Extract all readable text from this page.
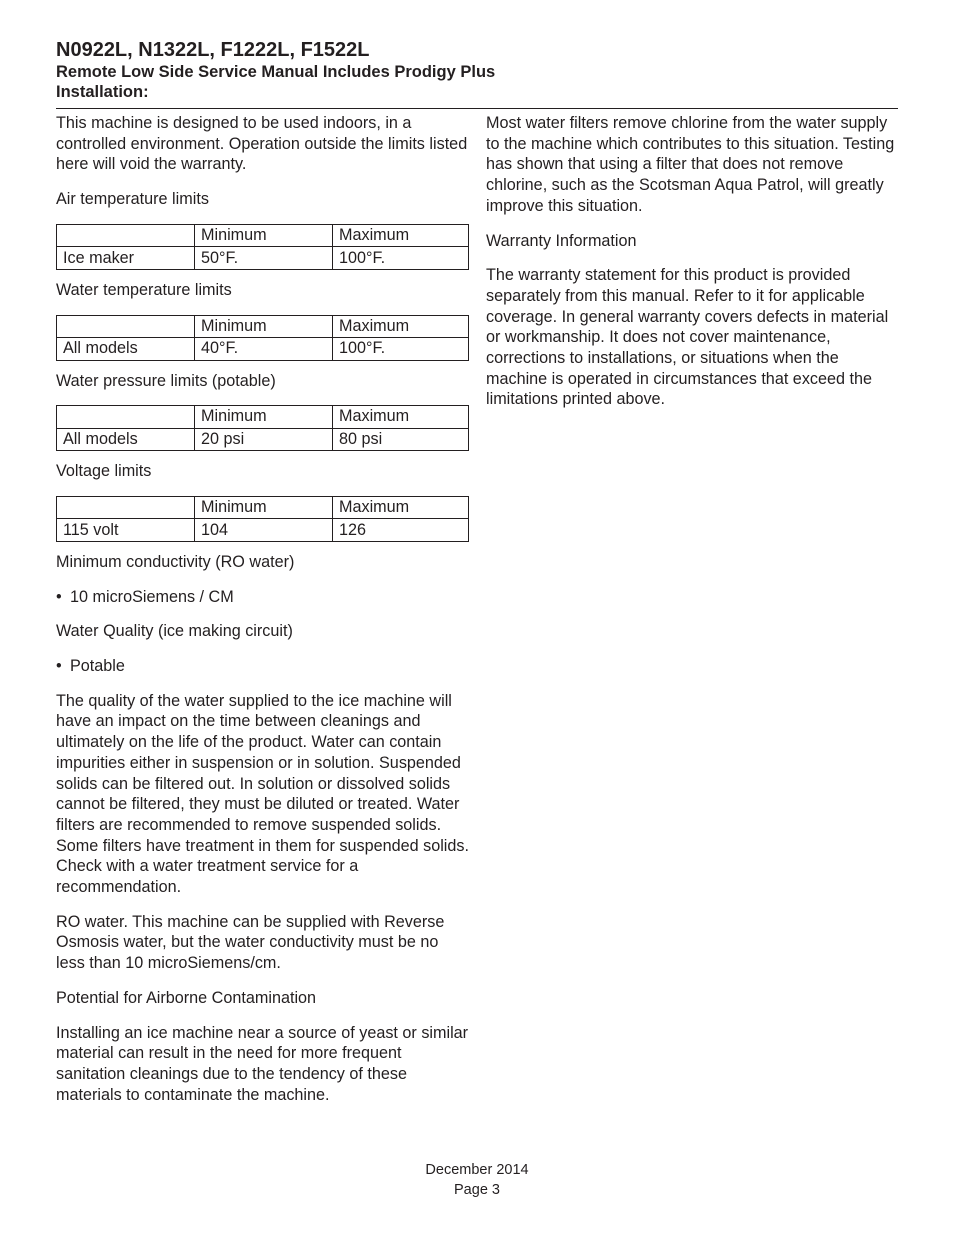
N0922L, N1322L, F1222L, F1522L
Remote Low Side Service Manual Includes Prodigy Plus
Installation:

This machine is designed to be used indoors, in a controlled environment. Operation outside the limits listed here will void the warranty.

Air temperature limits

	Minimum	Maximum
Ice maker	50°F.	100°F.

Water temperature limits

	Minimum	Maximum
All models	40°F.	100°F.

Water pressure limits (potable)

	Minimum	Maximum
All models	20 psi	80 psi

Voltage limits

	Minimum	Maximum
115 volt	104	126

Minimum conductivity (RO water)

• 10 microSiemens / CM

Water Quality (ice making circuit)

• Potable

The quality of the water supplied to the ice machine will have an impact on the time between cleanings and ultimately on the life of the product. Water can contain impurities either in suspension or in solution. Suspended solids can be filtered out. In solution or dissolved solids cannot be filtered, they must be diluted or treated. Water filters are recommended to remove suspended solids. Some filters have treatment in them for suspended solids. Check with a water treatment service for a recommendation.

RO water. This machine can be supplied with Reverse Osmosis water, but the water conductivity must be no less than 10 microSiemens/cm.

Potential for Airborne Contamination

Installing an ice machine near a source of yeast or similar material can result in the need for more frequent sanitation cleanings due to the tendency of these materials to contaminate the machine.

Most water filters remove chlorine from the water supply to the machine which contributes to this situation. Testing has shown that using a filter that does not remove chlorine, such as the Scotsman Aqua Patrol, will greatly improve this situation.

Warranty Information

The warranty statement for this product is provided separately from this manual. Refer to it for applicable coverage. In general warranty covers defects in material or workmanship. It does not cover maintenance, corrections to installations, or situations when the machine is operated in circumstances that exceed the limitations printed above.

December 2014
Page 3
